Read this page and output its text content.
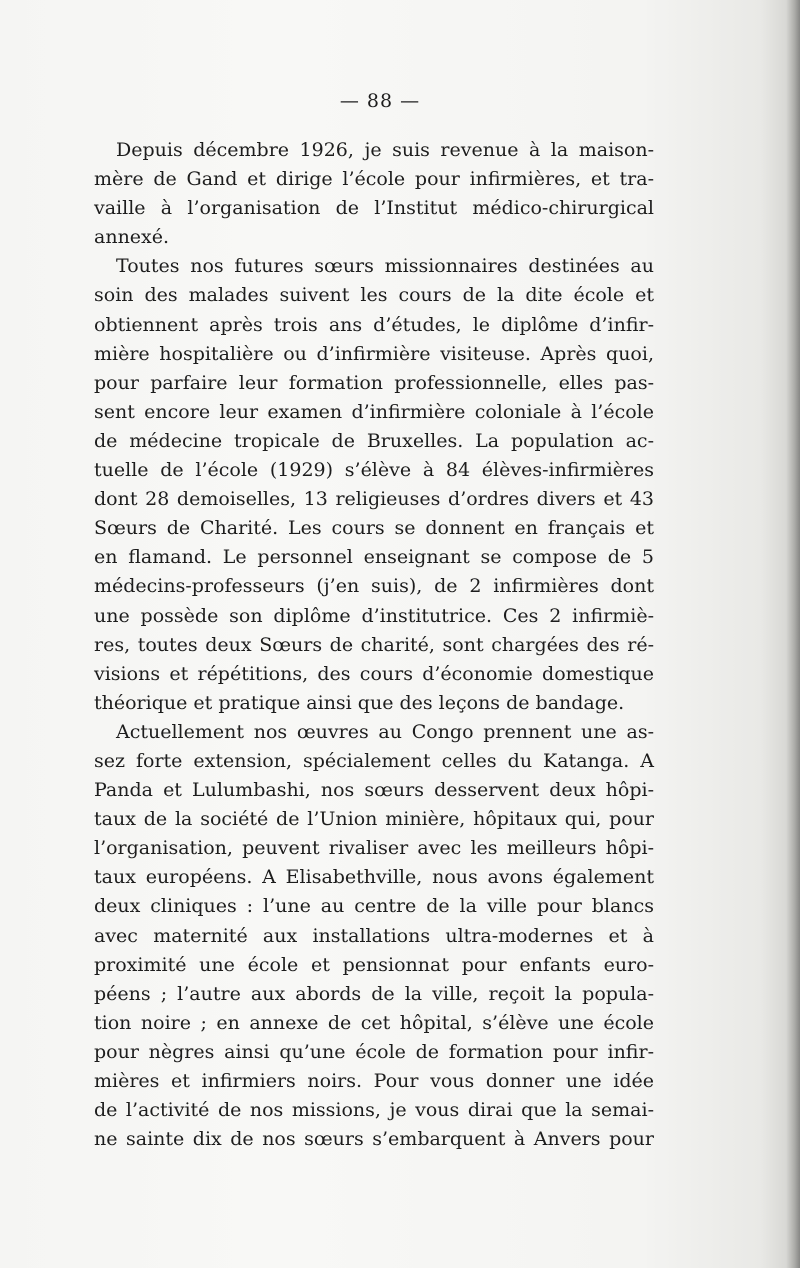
— 88 —
Depuis décembre 1926, je suis revenue à la maison-
mère de Gand et dirige l’école pour infirmières, et tra-
vaille à l’organisation de l’Institut médico-chirurgical
annexé.
Toutes nos futures sœurs missionnaires destinées au
soin des malades suivent les cours de la dite école et
obtiennent après trois ans d’études, le diplôme d’infir-
mière hospitalière ou d’infirmière visiteuse. Après quoi,
pour parfaire leur formation professionnelle, elles pas-
sent encore leur examen d’infirmière coloniale à l’école
de médecine tropicale de Bruxelles. La population ac-
tuelle de l’école (1929) s’élève à 84 élèves-infirmières
dont 28 demoiselles, 13 religieuses d’ordres divers et 43
Sœurs de Charité. Les cours se donnent en français et
en flamand. Le personnel enseignant se compose de 5
médecins-professeurs (j’en suis), de 2 infirmières dont
une possède son diplôme d’institutrice. Ces 2 infirmiè-
res, toutes deux Sœurs de charité, sont chargées des ré-
visions et répétitions, des cours d’économie domestique
théorique et pratique ainsi que des leçons de bandage.
Actuellement nos œuvres au Congo prennent une as-
sez forte extension, spécialement celles du Katanga. A
Panda et Lulumbashi, nos sœurs desservent deux hôpi-
taux de la société de l’Union minière, hôpitaux qui, pour
l’organisation, peuvent rivaliser avec les meilleurs hôpi-
taux européens. A Elisabethville, nous avons également
deux cliniques : l’une au centre de la ville pour blancs
avec maternité aux installations ultra-modernes et à
proximité une école et pensionnat pour enfants euro-
péens ; l’autre aux abords de la ville, reçoit la popula-
tion noire ; en annexe de cet hôpital, s’élève une école
pour nègres ainsi qu’une école de formation pour infir-
mières et infirmiers noirs. Pour vous donner une idée
de l’activité de nos missions, je vous dirai que la semai-
ne sainte dix de nos sœurs s’embarquent à Anvers pour
